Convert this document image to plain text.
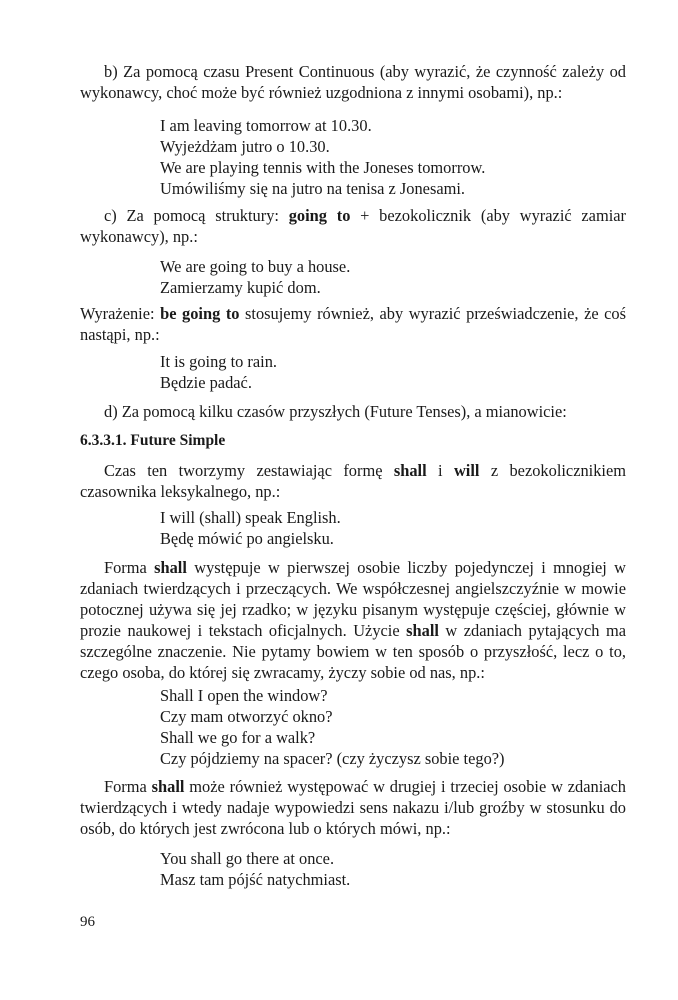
b) Za pomocą czasu Present Continuous (aby wyrazić, że czynność zależy od wykonawcy, choć może być również uzgodniona z innymi osobami), np.:
I am leaving tomorrow at 10.30.
Wyjeżdżam jutro o 10.30.
We are playing tennis with the Joneses tomorrow.
Umówiliśmy się na jutro na tenisa z Jonesami.
c) Za pomocą struktury: going to + bezokolicznik (aby wyrazić zamiar wykonawcy), np.:
We are going to buy a house.
Zamierzamy kupić dom.
Wyrażenie: be going to stosujemy również, aby wyrazić przeświadczenie, że coś nastąpi, np.:
It is going to rain.
Będzie padać.
d) Za pomocą kilku czasów przyszłych (Future Tenses), a mianowicie:
6.3.3.1. Future Simple
Czas ten tworzymy zestawiając formę shall i will z bezokolicznikiem czasownika leksykalnego, np.:
I will (shall) speak English.
Będę mówić po angielsku.
Forma shall występuje w pierwszej osobie liczby pojedynczej i mnogiej w zdaniach twierdzących i przeczących. We współczesnej angielszczyźnie w mowie potocznej używa się jej rzadko; w języku pisanym występuje częściej, głównie w prozie naukowej i tekstach oficjalnych. Użycie shall w zdaniach pytających ma szczególne znaczenie. Nie pytamy bowiem w ten sposób o przyszłość, lecz o to, czego osoba, do której się zwracamy, życzy sobie od nas, np.:
Shall I open the window?
Czy mam otworzyć okno?
Shall we go for a walk?
Czy pójdziemy na spacer? (czy życzysz sobie tego?)
Forma shall może również występować w drugiej i trzeciej osobie w zdaniach twierdzących i wtedy nadaje wypowiedzi sens nakazu i/lub groźby w stosunku do osób, do których jest zwrócona lub o których mówi, np.:
You shall go there at once.
Masz tam pójść natychmiast.
96
